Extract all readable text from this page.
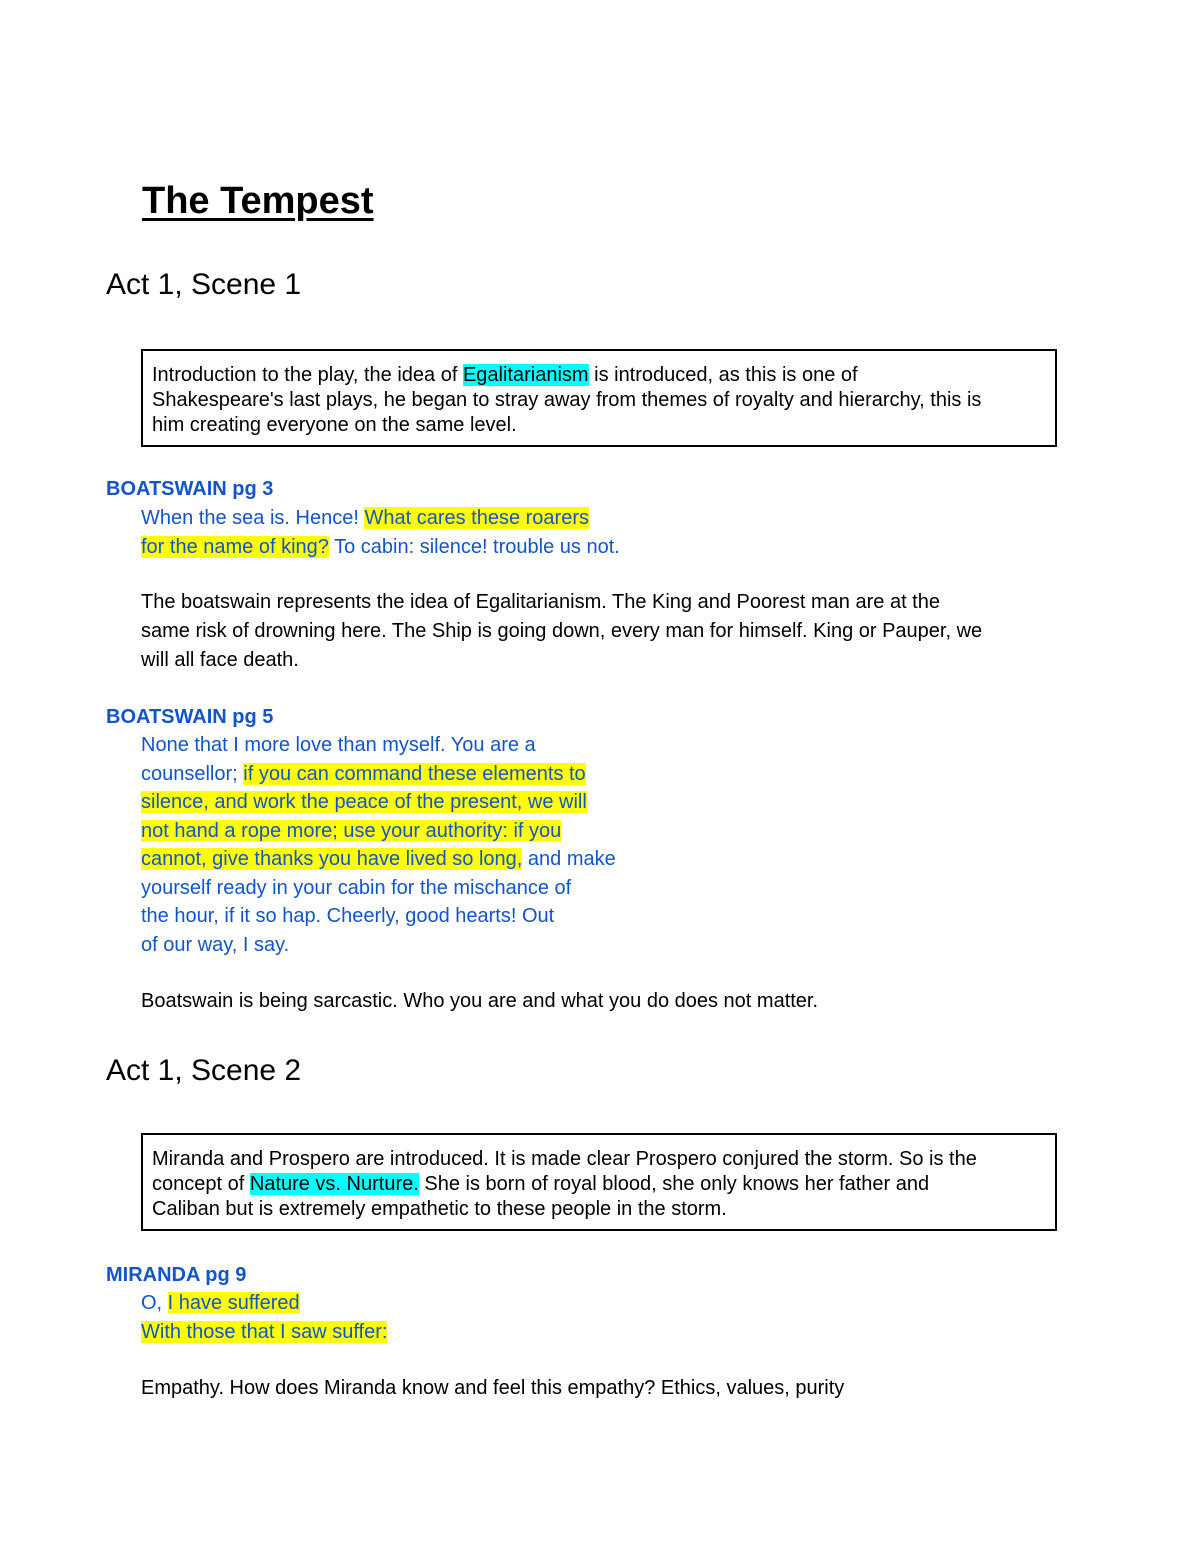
The Tempest
Act 1, Scene 1
Introduction to the play, the idea of Egalitarianism is introduced, as this is one of
Shakespeare's last plays, he began to stray away from themes of royalty and hierarchy, this is
him creating everyone on the same level.
BOATSWAIN pg 3
When the sea is. Hence! What cares these roarers
for the name of king? To cabin: silence! trouble us not.
The boatswain represents the idea of Egalitarianism. The King and Poorest man are at the
same risk of drowning here. The Ship is going down, every man for himself. King or Pauper, we
will all face death.
BOATSWAIN pg 5
None that I more love than myself. You are a
counsellor; if you can command these elements to
silence, and work the peace of the present, we will
not hand a rope more; use your authority: if you
cannot, give thanks you have lived so long, and make
yourself ready in your cabin for the mischance of
the hour, if it so hap. Cheerly, good hearts! Out
of our way, I say.
Boatswain is being sarcastic. Who you are and what you do does not matter.
Act 1, Scene 2
Miranda and Prospero are introduced. It is made clear Prospero conjured the storm. So is the
concept of Nature vs. Nurture. She is born of royal blood, she only knows her father and
Caliban but is extremely empathetic to these people in the storm.
MIRANDA pg 9
O, I have suffered
With those that I saw suffer:
Empathy. How does Miranda know and feel this empathy? Ethics, values, purity
